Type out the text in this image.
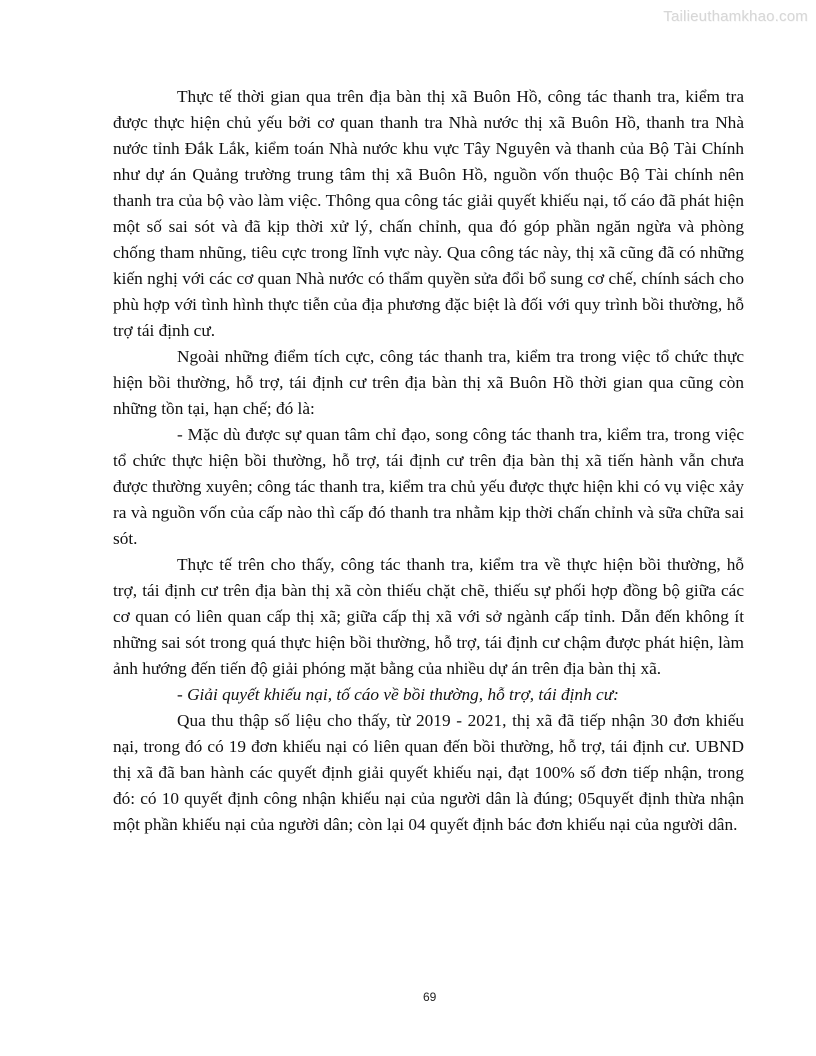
Tailieuthamkhao.com

Thực tế thời gian qua trên địa bàn thị xã Buôn Hồ, công tác thanh tra, kiểm tra được thực hiện chủ yếu bởi cơ quan thanh tra Nhà nước thị xã Buôn Hồ, thanh tra Nhà nước tỉnh Đắk Lắk, kiểm toán Nhà nước khu vực Tây Nguyên và thanh của Bộ Tài Chính như dự án Quảng trường trung tâm thị xã Buôn Hồ, nguồn vốn thuộc Bộ Tài chính nên thanh tra của bộ vào làm việc. Thông qua công tác giải quyết khiếu nại, tố cáo đã phát hiện một số sai sót và đã kịp thời xử lý, chấn chỉnh, qua đó góp phần ngăn ngừa và phòng chống tham nhũng, tiêu cực trong lĩnh vực này. Qua công tác này, thị xã cũng đã có những kiến nghị với các cơ quan Nhà nước có thẩm quyền sửa đổi bổ sung cơ chế, chính sách cho phù hợp với tình hình thực tiễn của địa phương đặc biệt là đối với quy trình bồi thường, hỗ trợ tái định cư.

Ngoài những điểm tích cực, công tác thanh tra, kiểm tra trong việc tổ chức thực hiện bồi thường, hỗ trợ, tái định cư trên địa bàn thị xã Buôn Hồ thời gian qua cũng còn những tồn tại, hạn chế; đó là:

- Mặc dù được sự quan tâm chỉ đạo, song công tác thanh tra, kiểm tra, trong việc tổ chức thực hiện bồi thường, hỗ trợ, tái định cư trên địa bàn thị xã tiến hành vẫn chưa được thường xuyên; công tác thanh tra, kiểm tra chủ yếu được thực hiện khi có vụ việc xảy ra và nguồn vốn của cấp nào thì cấp đó thanh tra nhằm kịp thời chấn chỉnh và sữa chữa sai sót.

Thực tế trên cho thấy, công tác thanh tra, kiểm tra về thực hiện bồi thường, hỗ trợ, tái định cư trên địa bàn thị xã còn thiếu chặt chẽ, thiếu sự phối hợp đồng bộ giữa các cơ quan có liên quan cấp thị xã; giữa cấp thị xã với sở ngành cấp tỉnh. Dẫn đến không ít những sai sót trong quá thực hiện bồi thường, hỗ trợ, tái định cư chậm được phát hiện, làm ảnh hướng đến tiến độ giải phóng mặt bằng của nhiều dự án trên địa bàn thị xã.

- Giải quyết khiếu nại, tố cáo về bồi thường, hỗ trợ, tái định cư:

Qua thu thập số liệu cho thấy, từ 2019 - 2021, thị xã đã tiếp nhận 30 đơn khiếu nại, trong đó có 19 đơn khiếu nại có liên quan đến bồi thường, hỗ trợ, tái định cư. UBND thị xã đã ban hành các quyết định giải quyết khiếu nại, đạt 100% số đơn tiếp nhận, trong đó: có 10 quyết định công nhận khiếu nại của người dân là đúng; 05quyết định thừa nhận một phần khiếu nại của người dân; còn lại 04 quyết định bác đơn khiếu nại của người dân.

69
